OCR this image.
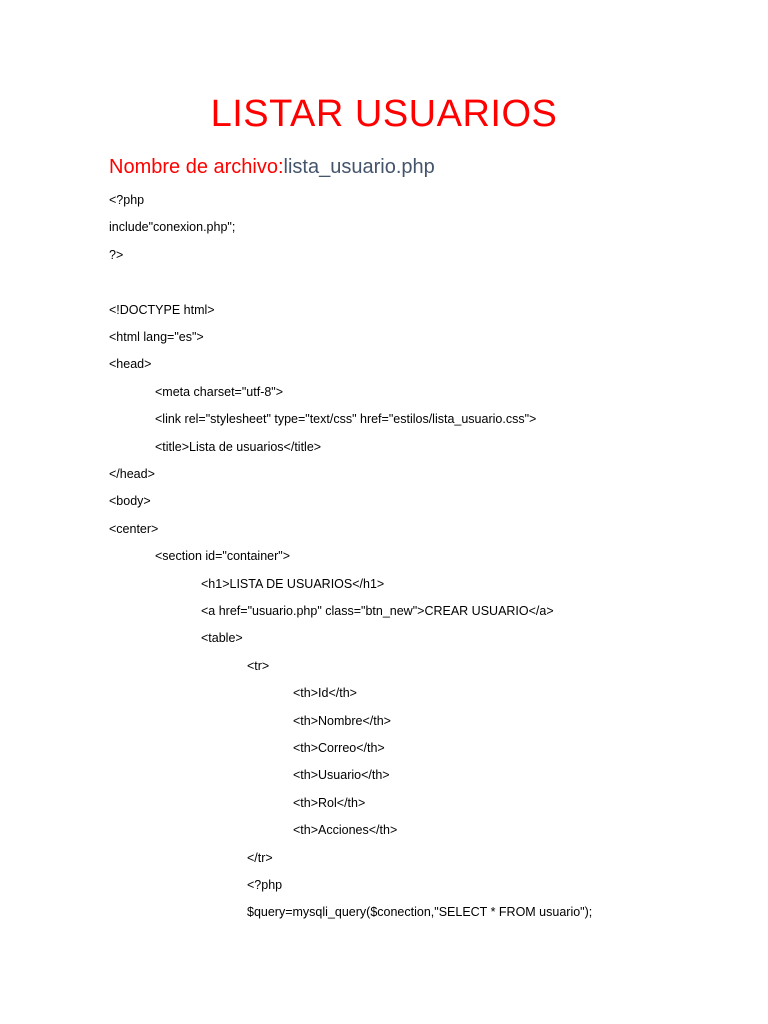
LISTAR USUARIOS
Nombre de archivo:lista_usuario.php
<?php
include"conexion.php";
?>
<!DOCTYPE html>
<html lang="es">
<head>
<meta charset="utf-8">
<link rel="stylesheet" type="text/css" href="estilos/lista_usuario.css">
<title>Lista de usuarios</title>
</head>
<body>
<center>
<section id="container">
<h1>LISTA DE USUARIOS</h1>
<a href="usuario.php" class="btn_new">CREAR USUARIO</a>
<table>
<tr>
<th>Id</th>
<th>Nombre</th>
<th>Correo</th>
<th>Usuario</th>
<th>Rol</th>
<th>Acciones</th>
</tr>
<?php
$query=mysqli_query($conection,"SELECT * FROM usuario");
